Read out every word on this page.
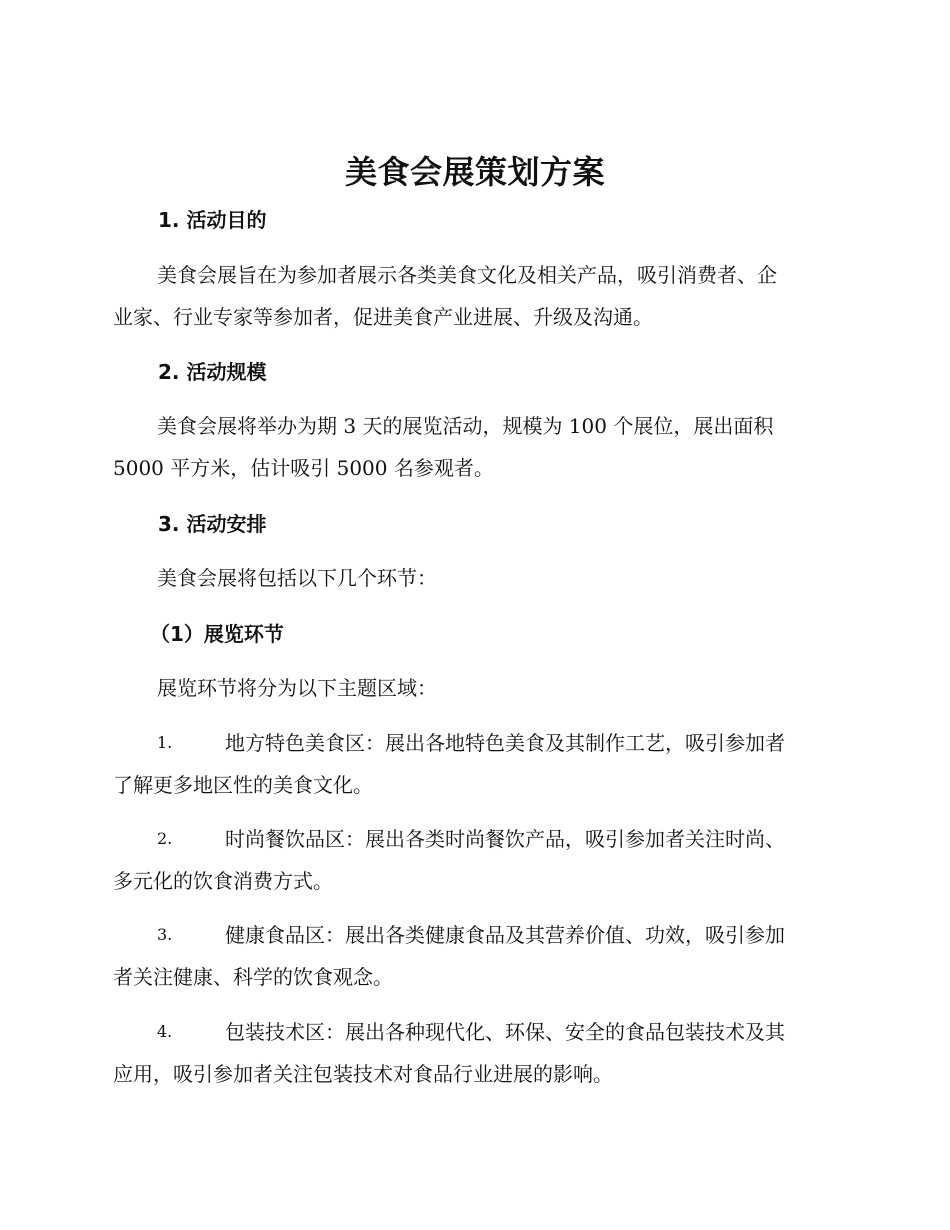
美食会展策划方案
1. 活动目的

美食会展旨在为参加者展示各类美食文化及相关产品，吸引消费者、企
业家、行业专家等参加者，促进美食产业进展、升级及沟通。

2. 活动规模

美食会展将举办为期 3 天的展览活动，规模为 100 个展位，展出面积
5000 平方米，估计吸引 5000 名参观者。

3. 活动安排

美食会展将包括以下几个环节：

（1）展览环节

展览环节将分为以下主题区域：

1.	地方特色美食区：展出各地特色美食及其制作工艺，吸引参加者
了解更多地区性的美食文化。
2.	时尚餐饮品区：展出各类时尚餐饮产品，吸引参加者关注时尚、
多元化的饮食消费方式。
3.	健康食品区：展出各类健康食品及其营养价值、功效，吸引参加
者关注健康、科学的饮食观念。
4.	包装技术区：展出各种现代化、环保、安全的食品包装技术及其
应用，吸引参加者关注包装技术对食品行业进展的影响。
